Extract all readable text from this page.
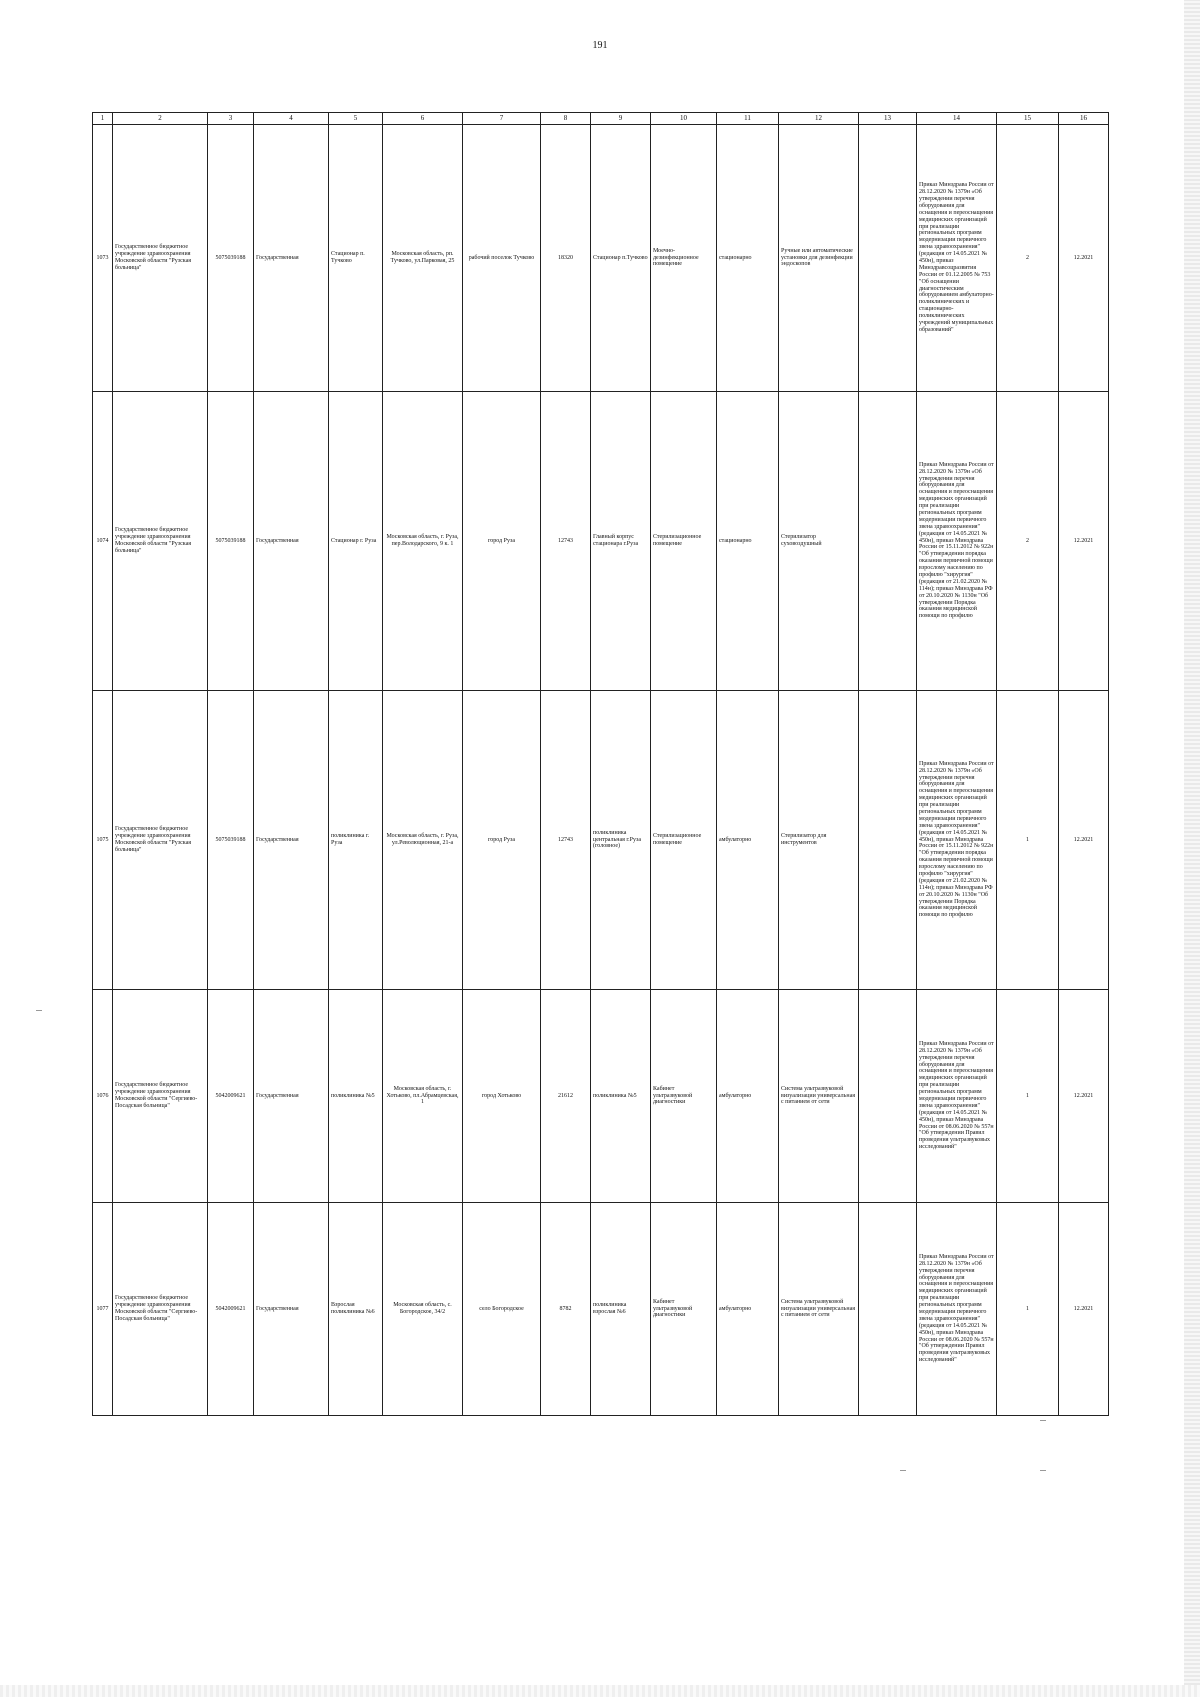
191
1	2	3	4	5	6	7	8	9	10	11	12	13	14	15	16
1073	Государственное бюджетное учреждение здравоохранения Московской области "Рузская больница"	5075039188	Государственная	Стационар п. Тучково	Московская область, рп. Тучково, ул.Парковая, 25	рабочий поселок Тучково	18320	Стационар п.Тучково	Моечно-дезинфекционное помещение	стационарно	Ручные или автоматические установки для дезинфекции эндоскопов		Приказ Минздрава России от 28.12.2020 № 1379н «Об утверждении перечня оборудования для оснащения и переоснащения медицинских организаций при реализации региональных программ модернизации первичного звена здравоохранения"(редакция от 14.05.2021 № 450н), приказ Минздравсоцразвития России от 01.12.2005 № 753 "Об оснащении диагностическим оборудованием амбулаторно-поликлинических и стационарно-поликлинических учреждений муниципальных образований"	2	12.2021
1074	Государственное бюджетное учреждение здравоохранения Московской области "Рузская больница"	5075039188	Государственная	Стационар г. Руза	Московская область, г. Руза, пер.Володарского, 9 к. 1	город Руза	12743	Главный корпус стационара г.Руза	Стерилизационное помещение	стационарно	Стерилизатор суховоздушный		Приказ Минздрава России от 28.12.2020 № 1379н «Об утверждении перечня оборудования для оснащения и переоснащения медицинских организаций при реализации региональных программ модернизации первичного звена здравоохранения"(редакция от 14.05.2021 № 450н), приказ Минздрава России от 15.11.2012 № 922н "Об утверждении порядка оказания первичной помощи взрослому населению по профилю "хирургия" (редакция от 21.02.2020 № 114н); приказ Минздрава РФ от 20.10.2020 № 1130н "Об утверждении Порядка оказания медицинской помощи по профилю	2	12.2021
1075	Государственное бюджетное учреждение здравоохранения Московской области "Рузская больница"	5075039188	Государственная	поликлиника г. Руза	Московская область, г. Руза, ул.Революционная, 21-а	город Руза	12743	поликлиника центральная г.Руза (головное)	Стерилизационное помещение	амбулаторно	Стерилизатор для инструментов		Приказ Минздрава России от 28.12.2020 № 1379н «Об утверждении перечня оборудования для оснащения и переоснащения медицинских организаций при реализации региональных программ модернизации первичного звена здравоохранения"(редакция от 14.05.2021 № 450н), приказ Минздрава России от 15.11.2012 № 922н "Об утверждении порядка оказания первичной помощи взрослому населению по профилю "хирургия" (редакция от 21.02.2020 № 114н); приказ Минздрава РФ от 20.10.2020 № 1130н "Об утверждении Порядка оказания медицинской помощи по профилю	1	12.2021
1076	Государственное бюджетное учреждение здравоохранения Московской области "Сергиево-Посадская больница"	5042009621	Государственная	поликлиника №5	Московская область, г. Хотьково, пл.Абрамцевская, 1	город Хотьково	21612	поликлиника №5	Кабинет ультразвуковой диагностики	амбулаторно	Система ультразвуковой визуализации универсальная с питанием от сети		Приказ Минздрава России от 28.12.2020 № 1379н «Об утверждении перечня оборудования для оснащения и переоснащения медицинских организаций при реализации региональных программ модернизации первичного звена здравоохранения"(редакция от 14.05.2021 № 450н), приказ Минздрава России от 08.06.2020 № 557н "Об утверждении Правил проведения ультразвуковых исследований"	1	12.2021
1077	Государственное бюджетное учреждение здравоохранения Московской области "Сергиево-Посадская больница"	5042009621	Государственная	Взрослая поликлиника №6	Московская область, с. Богородское, 34/2	село Богородское	8782	поликлиника взрослая №6	Кабинет ультразвуковой диагностики	амбулаторно	Система ультразвуковой визуализации универсальная с питанием от сети		Приказ Минздрава России от 28.12.2020 № 1379н «Об утверждении перечня оборудования для оснащения и переоснащения медицинских организаций при реализации региональных программ модернизации первичного звена здравоохранения"(редакция от 14.05.2021 № 450н), приказ Минздрава России от 08.06.2020 № 557н "Об утверждении Правил проведения ультразвуковых исследований"	1	12.2021
